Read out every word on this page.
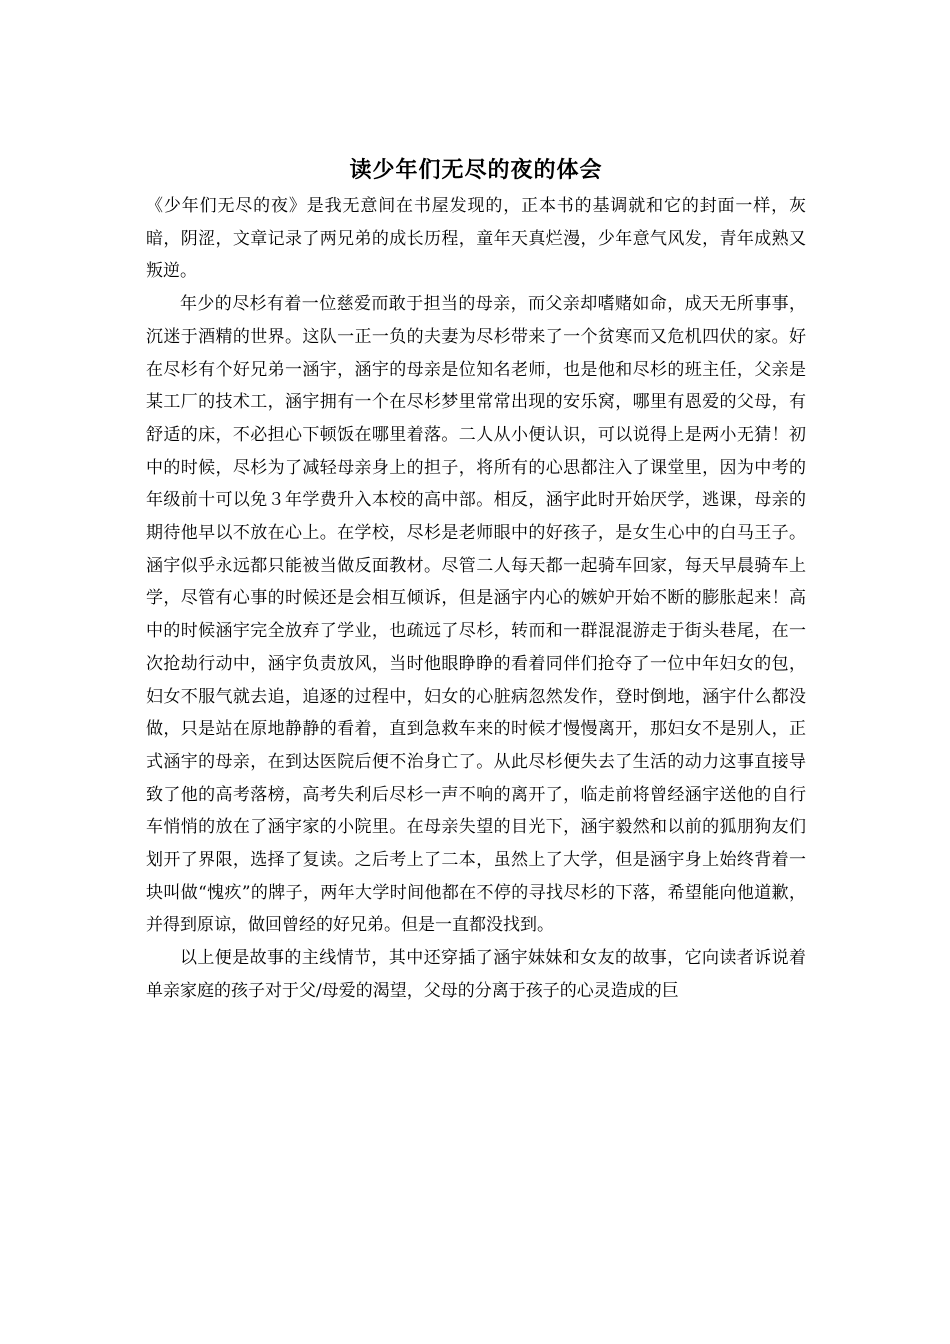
读少年们无尽的夜的体会

《少年们无尽的夜》是我无意间在书屋发现的，正本书的基调就和它的封面一样，灰暗，阴涩，文章记录了两兄弟的成长历程，童年天真烂漫，少年意气风发，青年成熟又叛逆。

年少的尽杉有着一位慈爱而敢于担当的母亲，而父亲却嗜赌如命，成天无所事事，沉迷于酒精的世界。这队一正一负的夫妻为尽杉带来了一个贫寒而又危机四伏的家。好在尽杉有个好兄弟一涵宇，涵宇的母亲是位知名老师，也是他和尽杉的班主任，父亲是某工厂的技术工，涵宇拥有一个在尽杉梦里常常出现的安乐窝，哪里有恩爱的父母，有舒适的床，不必担心下顿饭在哪里着落。二人从小便认识，可以说得上是两小无猜！初中的时候，尽杉为了减轻母亲身上的担子，将所有的心思都注入了课堂里，因为中考的年级前十可以免３年学费升入本校的高中部。相反，涵宇此时开始厌学，逃课，母亲的期待他早以不放在心上。在学校，尽杉是老师眼中的好孩子，是女生心中的白马王子。涵宇似乎永远都只能被当做反面教材。尽管二人每天都一起骑车回家，每天早晨骑车上学，尽管有心事的时候还是会相互倾诉，但是涵宇内心的嫉妒开始不断的膨胀起来！高中的时候涵宇完全放弃了学业，也疏远了尽杉，转而和一群混混游走于街头巷尾，在一次抢劫行动中，涵宇负责放风，当时他眼睁睁的看着同伴们抢夺了一位中年妇女的包，妇女不服气就去追，追逐的过程中，妇女的心脏病忽然发作，登时倒地，涵宇什么都没做，只是站在原地静静的看着，直到急救车来的时候才慢慢离开，那妇女不是别人，正式涵宇的母亲，在到达医院后便不治身亡了。从此尽杉便失去了生活的动力这事直接导致了他的高考落榜，高考失利后尽杉一声不响的离开了，临走前将曾经涵宇送他的自行车悄悄的放在了涵宇家的小院里。在母亲失望的目光下，涵宇毅然和以前的狐朋狗友们划开了界限，选择了复读。之后考上了二本，虽然上了大学，但是涵宇身上始终背着一块叫做“愧疚”的牌子，两年大学时间他都在不停的寻找尽杉的下落，希望能向他道歉，并得到原谅，做回曾经的好兄弟。但是一直都没找到。

以上便是故事的主线情节，其中还穿插了涵宇妹妹和女友的故事，它向读者诉说着单亲家庭的孩子对于父/母爱的渴望，父母的分离于孩子的心灵造成的巨
